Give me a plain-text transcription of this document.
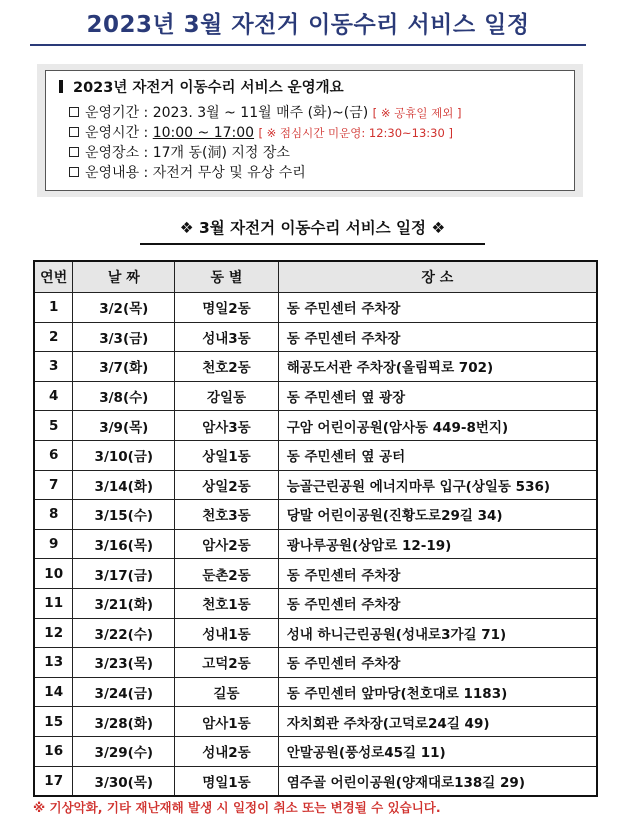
2023년 3월 자전거 이동수리 서비스 일정
2023년 자전거 이동수리 서비스 운영개요
운영기간 : 2023. 3월 ~ 11월 매주 (화)~(금) [ ※ 공휴일 제외 ]
운영시간 : 10:00 ~ 17:00 [ ※ 점심시간 미운영: 12:30~13:30 ]
운영장소 : 17개 동(洞) 지정 장소
운영내용 : 자전거 무상 및 유상 수리
❖ 3월 자전거 이동수리 서비스 일정 ❖
연번	날 짜	동 별	장 소
1	3/2(목)	명일2동	동 주민센터 주차장
2	3/3(금)	성내3동	동 주민센터 주차장
3	3/7(화)	천호2동	해공도서관 주차장(올림픽로 702)
4	3/8(수)	강일동	동 주민센터 옆 광장
5	3/9(목)	암사3동	구암 어린이공원(암사동 449-8번지)
6	3/10(금)	상일1동	동 주민센터 옆 공터
7	3/14(화)	상일2동	능골근린공원 에너지마루 입구(상일동 536)
8	3/15(수)	천호3동	당말 어린이공원(진황도로29길 34)
9	3/16(목)	암사2동	광나루공원(상암로 12-19)
10	3/17(금)	둔촌2동	동 주민센터 주차장
11	3/21(화)	천호1동	동 주민센터 주차장
12	3/22(수)	성내1동	성내 하니근린공원(성내로3가길 71)
13	3/23(목)	고덕2동	동 주민센터 주차장
14	3/24(금)	길동	동 주민센터 앞마당(천호대로 1183)
15	3/28(화)	암사1동	자치회관 주차장(고덕로24길 49)
16	3/29(수)	성내2동	안말공원(풍성로45길 11)
17	3/30(목)	명일1동	염주골 어린이공원(양재대로138길 29)
※ 기상악화, 기타 재난재해 발생 시 일정이 취소 또는 변경될 수 있습니다.
